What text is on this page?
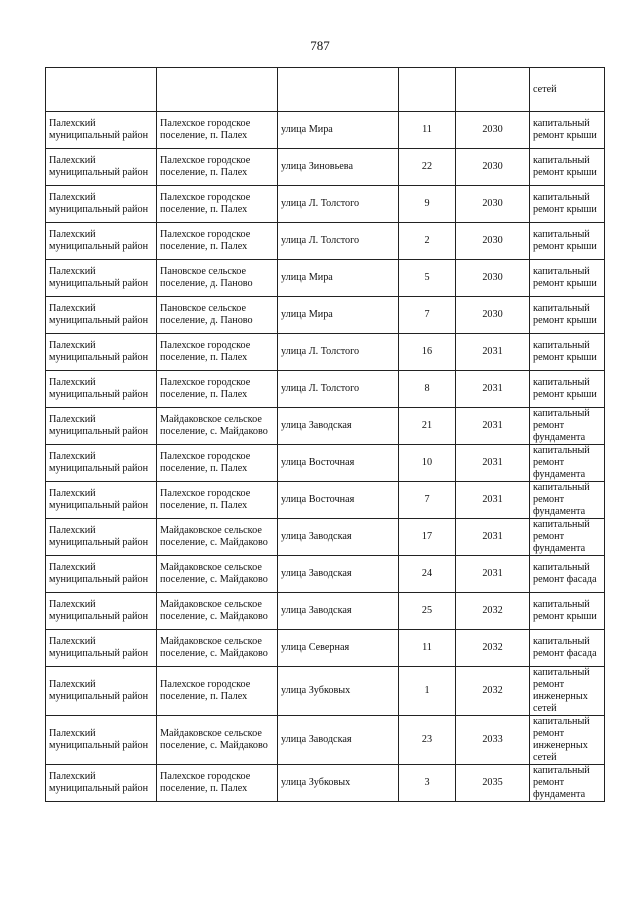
787
					сетей
Палехский муниципальный район	Палехское городское поселение, п. Палех	улица Мира	11	2030	капитальный ремонт крыши
Палехский муниципальный район	Палехское городское поселение, п. Палех	улица Зиновьева	22	2030	капитальный ремонт крыши
Палехский муниципальный район	Палехское городское поселение, п. Палех	улица Л. Толстого	9	2030	капитальный ремонт крыши
Палехский муниципальный район	Палехское городское поселение, п. Палех	улица Л. Толстого	2	2030	капитальный ремонт крыши
Палехский муниципальный район	Пановское сельское поселение, д. Паново	улица Мира	5	2030	капитальный ремонт крыши
Палехский муниципальный район	Пановское сельское поселение, д. Паново	улица Мира	7	2030	капитальный ремонт крыши
Палехский муниципальный район	Палехское городское поселение, п. Палех	улица Л. Толстого	16	2031	капитальный ремонт крыши
Палехский муниципальный район	Палехское городское поселение, п. Палех	улица Л. Толстого	8	2031	капитальный ремонт крыши
Палехский муниципальный район	Майдаковское сельское поселение, с. Майдаково	улица Заводская	21	2031	капитальный ремонт фундамента
Палехский муниципальный район	Палехское городское поселение, п. Палех	улица Восточная	10	2031	капитальный ремонт фундамента
Палехский муниципальный район	Палехское городское поселение, п. Палех	улица Восточная	7	2031	капитальный ремонт фундамента
Палехский муниципальный район	Майдаковское сельское поселение, с. Майдаково	улица Заводская	17	2031	капитальный ремонт фундамента
Палехский муниципальный район	Майдаковское сельское поселение, с. Майдаково	улица Заводская	24	2031	капитальный ремонт фасада
Палехский муниципальный район	Майдаковское сельское поселение, с. Майдаково	улица Заводская	25	2032	капитальный ремонт крыши
Палехский муниципальный район	Майдаковское сельское поселение, с. Майдаково	улица Северная	11	2032	капитальный ремонт фасада
Палехский муниципальный район	Палехское городское поселение, п. Палех	улица Зубковых	1	2032	капитальный ремонт инженерных сетей
Палехский муниципальный район	Майдаковское сельское поселение, с. Майдаково	улица Заводская	23	2033	капитальный ремонт инженерных сетей
Палехский муниципальный район	Палехское городское поселение, п. Палех	улица Зубковых	3	2035	капитальный ремонт фундамента
